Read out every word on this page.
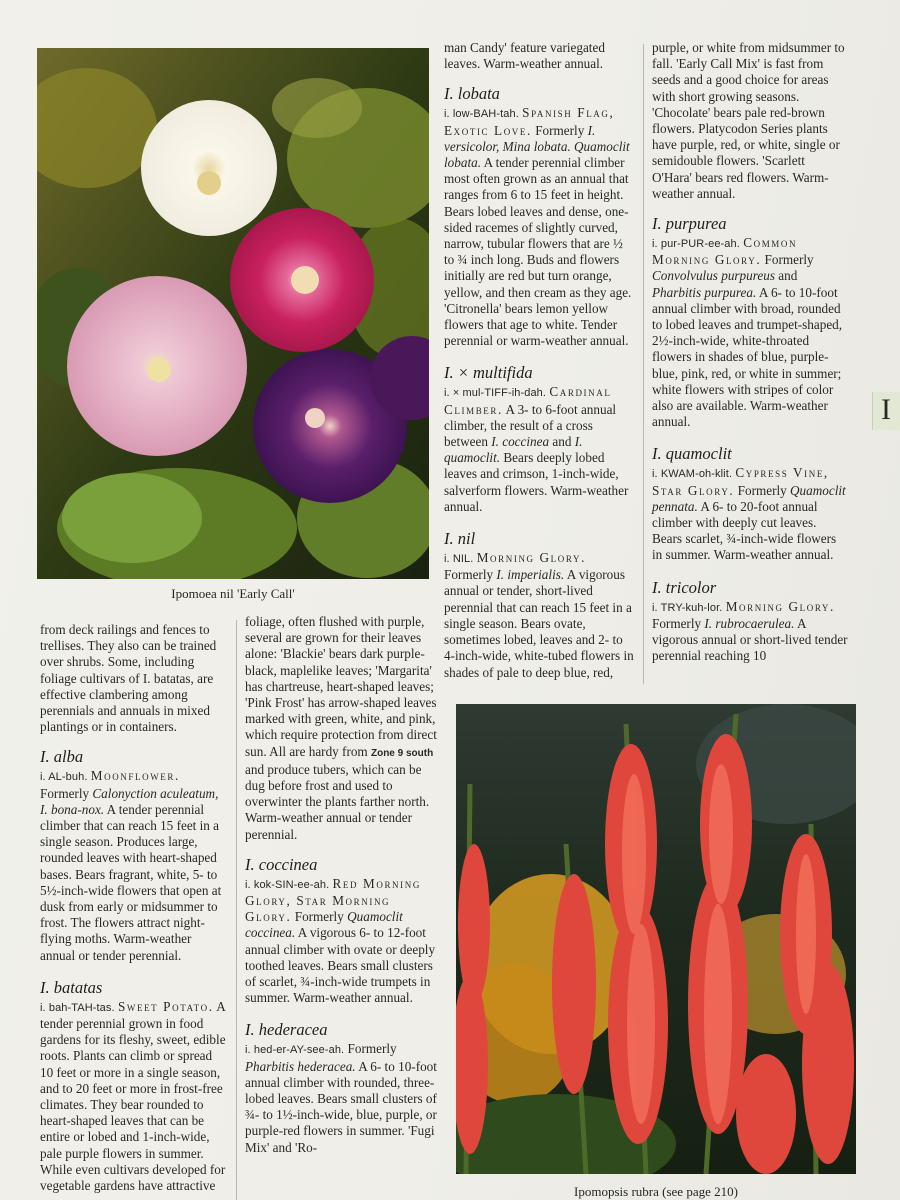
Ipomoea nil 'Early Call'

from deck railings and fences to trellises. They also can be trained over shrubs. Some, including foliage cultivars of I. batatas, are effective clambering among perennials and annuals in mixed plantings or in containers.

I. alba
i. AL-buh. Moonflower. Formerly Calonyction aculeatum, I. bona-nox. A tender perennial climber that can reach 15 feet in a single season. Produces large, rounded leaves with heart-shaped bases. Bears fragrant, white, 5- to 5½-inch-wide flowers that open at dusk from early or midsummer to frost. The flowers attract night-flying moths. Warm-weather annual or tender perennial.
I. batatas
i. bah-TAH-tas. Sweet Potato. A tender perennial grown in food gardens for its fleshy, sweet, edible roots. Plants can climb or spread 10 feet or more in a single season, and to 20 feet or more in frost-free climates. They bear rounded to heart-shaped leaves that can be entire or lobed and 1-inch-wide, pale purple flowers in summer. While even cultivars developed for vegetable gardens have attractive

foliage, often flushed with purple, several are grown for their leaves alone: 'Blackie' bears dark purple-black, maplelike leaves; 'Margarita' has chartreuse, heart-shaped leaves; 'Pink Frost' has arrow-shaped leaves marked with green, white, and pink, which require protection from direct sun. All are hardy from Zone 9 south and produce tubers, which can be dug before frost and used to overwinter the plants farther north. Warm-weather annual or tender perennial.

I. coccinea
i. kok-SIN-ee-ah. Red Morning Glory, Star Morning Glory. Formerly Quamoclit coccinea. A vigorous 6- to 12-foot annual climber with ovate or deeply toothed leaves. Bears small clusters of scarlet, ¾-inch-wide trumpets in summer. Warm-weather annual.
I. hederacea
i. hed-er-AY-see-ah. Formerly Pharbitis hederacea. A 6- to 10-foot annual climber with rounded, three-lobed leaves. Bears small clusters of ¾- to 1½-inch-wide, blue, purple, or purple-red flowers in summer. 'Fugi Mix' and 'Ro-

man Candy' feature variegated leaves. Warm-weather annual.

I. lobata
i. low-BAH-tah. Spanish Flag, Exotic Love. Formerly I. versicolor, Mina lobata. Quamoclit lobata. A tender perennial climber most often grown as an annual that ranges from 6 to 15 feet in height. Bears lobed leaves and dense, one-sided racemes of slightly curved, narrow, tubular flowers that are ½ to ¾ inch long. Buds and flowers initially are red but turn orange, yellow, and then cream as they age. 'Citronella' bears lemon yellow flowers that age to white. Tender perennial or warm-weather annual.
I. × multifida
i. × mul-TIFF-ih-dah. Cardinal Climber. A 3- to 6-foot annual climber, the result of a cross between I. coccinea and I. quamoclit. Bears deeply lobed leaves and crimson, 1-inch-wide, salverform flowers. Warm-weather annual.
I. nil
i. NIL. Morning Glory. Formerly I. imperialis. A vigorous annual or tender, short-lived perennial that can reach 15 feet in a single season. Bears ovate, sometimes lobed, leaves and 2- to 4-inch-wide, white-tubed flowers in shades of pale to deep blue, red,

purple, or white from midsummer to fall. 'Early Call Mix' is fast from seeds and a good choice for areas with short growing seasons. 'Chocolate' bears pale red-brown flowers. Platycodon Series plants have purple, red, or white, single or semidouble flowers. 'Scarlett O'Hara' bears red flowers. Warm-weather annual.

I. purpurea
i. pur-PUR-ee-ah. Common Morning Glory. Formerly Convolvulus purpureus and Pharbitis purpurea. A 6- to 10-foot annual climber with broad, rounded to lobed leaves and trumpet-shaped, 2½-inch-wide, white-throated flowers in shades of blue, purple-blue, pink, red, or white in summer; white flowers with stripes of color also are available. Warm-weather annual.
I. quamoclit
i. KWAM-oh-klit. Cypress Vine, Star Glory. Formerly Quamoclit pennata. A 6- to 20-foot annual climber with deeply cut leaves. Bears scarlet, ¾-inch-wide flowers in summer. Warm-weather annual.
I. tricolor
i. TRY-kuh-lor. Morning Glory. Formerly I. rubrocaerulea. A vigorous annual or short-lived tender perennial reaching 10
Ipomopsis rubra (see page 210)
I
